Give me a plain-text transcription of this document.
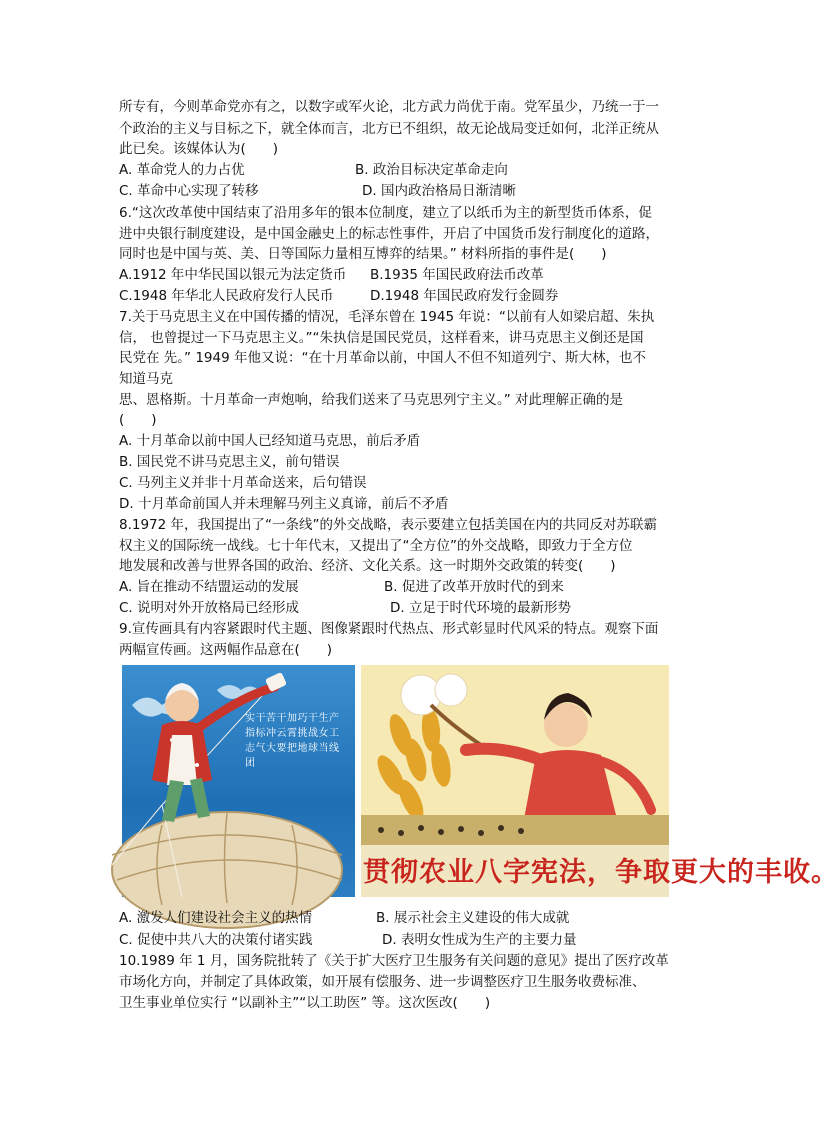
所专有，今则革命党亦有之，以数字或军火论，北方武力尚优于南。党军虽少，乃统一于一
个政治的主义与目标之下，就全体而言，北方已不组织，故无论战局变迁如何，北洋正统从
此已矣。该媒体认为(　　)
A. 革命党人的力占优	B. 政治目标决定革命走向
C. 革命中心实现了转移	D. 国内政治格局日渐清晰
6.“这次改革使中国结束了沿用多年的银本位制度，建立了以纸币为主的新型货币体系，促
进中央银行制度建设，是中国金融史上的标志性事件，开启了中国货币发行制度化的道路，
同时也是中国与英、美、日等国际力量相互博弈的结果。” 材料所指的事件是(　　)
A.1912 年中华民国以银元为法定货币 B.1935 年国民政府法币改革
C.1948 年华北人民政府发行人民币	D.1948 年国民政府发行金圆券
7.关于马克思主义在中国传播的情况，毛泽东曾在 1945 年说：“以前有人如梁启超、朱执
信， 也曾提过一下马克思主义。”“朱执信是国民党员，这样看来，讲马克思主义倒还是国
民党在 先。” 1949 年他又说：“在十月革命以前，中国人不但不知道列宁、斯大林，也不
知道马克
思、恩格斯。十月革命一声炮响，给我们送来了马克思列宁主义。” 对此理解正确的是
(　　)
A. 十月革命以前中国人已经知道马克思，前后矛盾
B. 国民党不讲马克思主义，前句错误
C. 马列主义并非十月革命送来，后句错误
D. 十月革命前国人并未理解马列主义真谛，前后不矛盾
8.1972 年，我国提出了“一条线”的外交战略，表示要建立包括美国在内的共同反对苏联霸
权主义的国际统一战线。七十年代末，又提出了“全方位”的外交战略，即致力于全方位
地发展和改善与世界各国的政治、经济、文化关系。这一时期外交政策的转变(　　)
A. 旨在推动不结盟运动的发展	B. 促进了改革开放时代的到来
C. 说明对外开放格局已经形成	D. 立足于时代环境的最新形势
9.宣传画具有内容紧跟时代主题、图像紧跟时代热点、形式彰显时代风采的特点。观察下面
两幅宣传画。这两幅作品意在(　　)
实干苦干加巧干生产指标冲云霄挑战女工志气大要把地球当线团
贯彻农业八字宪法，争取更大的丰收。
A. 激发人们建设社会主义的热情	B. 展示社会主义建设的伟大成就
C. 促使中共八大的决策付诸实践	D. 表明女性成为生产的主要力量
10.1989 年 1 月，国务院批转了《关于扩大医疗卫生服务有关问题的意见》提出了医疗改革
市场化方向，并制定了具体政策，如开展有偿服务、进一步调整医疗卫生服务收费标准、
卫生事业单位实行 “以副补主”“以工助医” 等。这次医改(　　)
